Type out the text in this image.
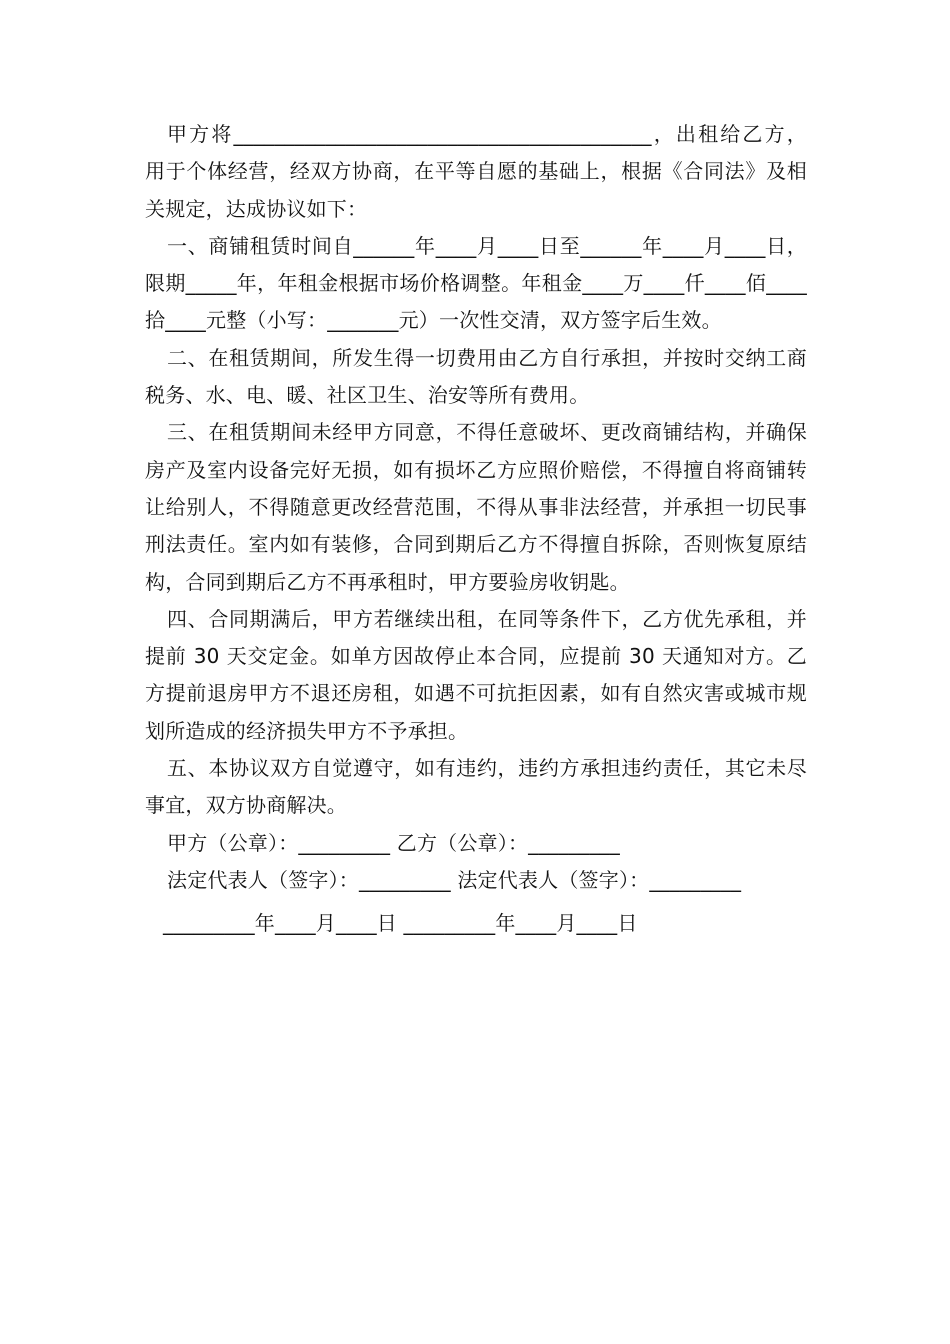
甲方将_________________________________________，出租给乙方，用于个体经营，经双方协商，在平等自愿的基础上，根据《合同法》及相关规定，达成协议如下：

一、商铺租赁时间自______年____月____日至______年____月____日，限期_____年，年租金根据市场价格调整。年租金____万____仟____佰____拾____元整（小写：_______元）一次性交清，双方签字后生效。

二、在租赁期间，所发生得一切费用由乙方自行承担，并按时交纳工商税务、水、电、暖、社区卫生、治安等所有费用。

三、在租赁期间未经甲方同意，不得任意破坏、更改商铺结构，并确保房产及室内设备完好无损，如有损坏乙方应照价赔偿，不得擅自将商铺转让给别人，不得随意更改经营范围，不得从事非法经营，并承担一切民事刑法责任。室内如有装修，合同到期后乙方不得擅自拆除，否则恢复原结构，合同到期后乙方不再承租时，甲方要验房收钥匙。

四、合同期满后，甲方若继续出租，在同等条件下，乙方优先承租，并提前 30 天交定金。如单方因故停止本合同，应提前 30 天通知对方。乙方提前退房甲方不退还房租，如遇不可抗拒因素，如有自然灾害或城市规划所造成的经济损失甲方不予承担。

五、本协议双方自觉遵守，如有违约，违约方承担违约责任，其它未尽事宜，双方协商解决。

甲方（公章）：_________ 乙方（公章）：_________

法定代表人（签字）：_________ 法定代表人（签字）：_________

_________年____月____日 _________年____月____日
